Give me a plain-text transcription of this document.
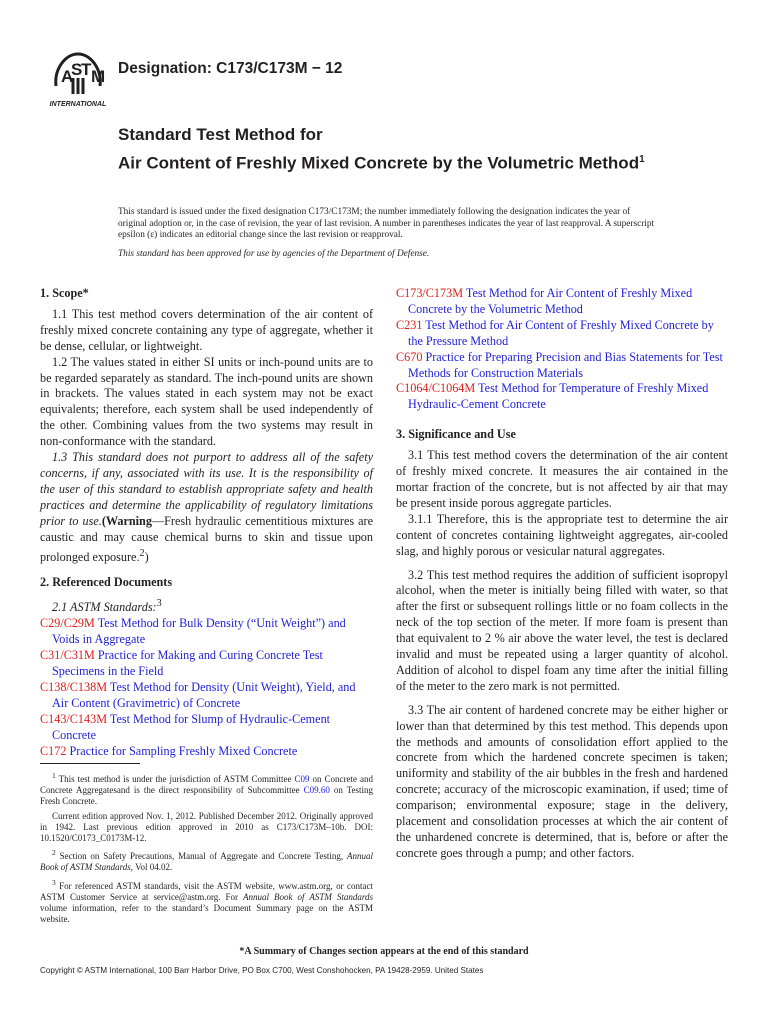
A
S
T M
INTERNATIONAL
Designation: C173/C173M − 12
Standard Test Method for
Air Content of Freshly Mixed Concrete by the Volumetric Method$^1$
This standard is issued under the fixed designation C173/C173M; the number immediately following the designation indicates the year of original adoption or, in the case of revision, the year of last revision. A number in parentheses indicates the year of last reapproval. A superscript epsilon (ε) indicates an editorial change since the last revision or reapproval.
This standard has been approved for use by agencies of the Department of Defense.

1. Scope*

1.1 This test method covers determination of the air content of freshly mixed concrete containing any type of aggregate, whether it be dense, cellular, or lightweight.

1.2 The values stated in either SI units or inch-pound units are to be regarded separately as standard. The inch-pound units are shown in brackets. The values stated in each system may not be exact equivalents; therefore, each system shall be used independently of the other. Combining values from the two systems may result in non-conformance with the standard.

1.3 This standard does not purport to address all of the safety concerns, if any, associated with its use. It is the responsibility of the user of this standard to establish appropriate safety and health practices and determine the applicability of regulatory limitations prior to use.(Warning—Fresh hydraulic cementitious mixtures are caustic and may cause chemical burns to skin and tissue upon prolonged exposure.$^2$)

2. Referenced Documents

2.1 ASTM Standards:$^3$

C29/C29M Test Method for Bulk Density (“Unit Weight”) and Voids in Aggregate

C31/C31M Practice for Making and Curing Concrete Test Specimens in the Field

C138/C138M Test Method for Density (Unit Weight), Yield, and Air Content (Gravimetric) of Concrete

C143/C143M Test Method for Slump of Hydraulic-Cement Concrete

C172 Practice for Sampling Freshly Mixed Concrete

C173/C173M Test Method for Air Content of Freshly Mixed Concrete by the Volumetric Method

C231 Test Method for Air Content of Freshly Mixed Concrete by the Pressure Method

C670 Practice for Preparing Precision and Bias Statements for Test Methods for Construction Materials

C1064/C1064M Test Method for Temperature of Freshly Mixed Hydraulic-Cement Concrete

3. Significance and Use

3.1 This test method covers the determination of the air content of freshly mixed concrete. It measures the air contained in the mortar fraction of the concrete, but is not affected by air that may be present inside porous aggregate particles.

3.1.1 Therefore, this is the appropriate test to determine the air content of concretes containing lightweight aggregates, air-cooled slag, and highly porous or vesicular natural aggregates.

3.2 This test method requires the addition of sufficient isopropyl alcohol, when the meter is initially being filled with water, so that after the first or subsequent rollings little or no foam collects in the neck of the top section of the meter. If more foam is present than that equivalent to 2 % air above the water level, the test is declared invalid and must be repeated using a larger quantity of alcohol. Addition of alcohol to dispel foam any time after the initial filling of the meter to the zero mark is not permitted.

3.3 The air content of hardened concrete may be either higher or lower than that determined by this test method. This depends upon the methods and amounts of consolidation effort applied to the concrete from which the hardened concrete specimen is taken; uniformity and stability of the air bubbles in the fresh and hardened concrete; accuracy of the microscopic examination, if used; time of comparison; environmental exposure; stage in the delivery, placement and consolidation processes at which the air content of the unhardened concrete is determined, that is, before or after the concrete goes through a pump; and other factors.

$^1$ This test method is under the jurisdiction of ASTM Committee C09 on Concrete and Concrete Aggregatesand is the direct responsibility of Subcommittee C09.60 on Testing Fresh Concrete.

Current edition approved Nov. 1, 2012. Published December 2012. Originally approved in 1942. Last previous edition approved in 2010 as C173/C173M–10b. DOI: 10.1520/C0173_C0173M-12.

$^2$ Section on Safety Precautions, Manual of Aggregate and Concrete Testing, Annual Book of ASTM Standards, Vol 04.02.

$^3$ For referenced ASTM standards, visit the ASTM website, www.astm.org, or contact ASTM Customer Service at service@astm.org. For Annual Book of ASTM Standards volume information, refer to the standard’s Document Summary page on the ASTM website.

*A Summary of Changes section appears at the end of this standard
Copyright © ASTM International, 100 Barr Harbor Drive, PO Box C700, West Conshohocken, PA 19428-2959. United States
